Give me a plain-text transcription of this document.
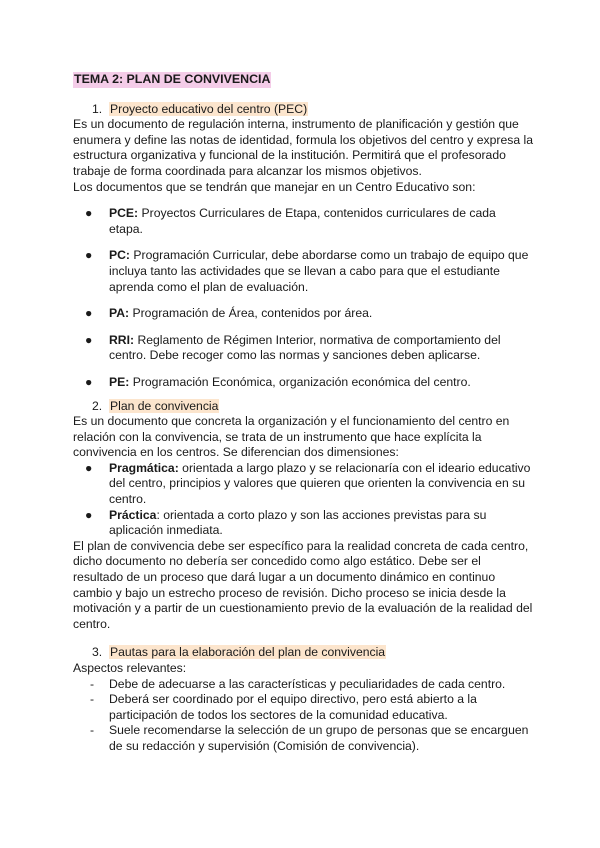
TEMA 2: PLAN DE CONVIVENCIA
1. Proyecto educativo del centro (PEC)

Es un documento de regulación interna, instrumento de planificación y gestión que enumera y define las notas de identidad, formula los objetivos del centro y expresa la estructura organizativa y funcional de la institución. Permitirá que el profesorado trabaje de forma coordinada para alcanzar los mismos objetivos.

Los documentos que se tendrán que manejar en un Centro Educativo son:

● PCE: Proyectos Curriculares de Etapa, contenidos curriculares de cada etapa.
● PC: Programación Curricular, debe abordarse como un trabajo de equipo que incluya tanto las actividades que se llevan a cabo para que el estudiante aprenda como el plan de evaluación.
● PA: Programación de Área, contenidos por área.
● RRI: Reglamento de Régimen Interior, normativa de comportamiento del centro. Debe recoger como las normas y sanciones deben aplicarse.
● PE: Programación Económica, organización económica del centro.
2. Plan de convivencia

Es un documento que concreta la organización y el funcionamiento del centro en relación con la convivencia, se trata de un instrumento que hace explícita la convivencia en los centros. Se diferencian dos dimensiones:

● Pragmática: orientada a largo plazo y se relacionaría con el ideario educativo del centro, principios y valores que quieren que orienten la convivencia en su centro.
● Práctica: orientada a corto plazo y son las acciones previstas para su aplicación inmediata.

El plan de convivencia debe ser específico para la realidad concreta de cada centro, dicho documento no debería ser concedido como algo estático. Debe ser el resultado de un proceso que dará lugar a un documento dinámico en continuo cambio y bajo un estrecho proceso de revisión. Dicho proceso se inicia desde la motivación y a partir de un cuestionamiento previo de la evaluación de la realidad del centro.

3. Pautas para la elaboración del plan de convivencia

Aspectos relevantes:

- Debe de adecuarse a las características y peculiaridades de cada centro.
- Deberá ser coordinado por el equipo directivo, pero está abierto a la participación de todos los sectores de la comunidad educativa.
- Suele recomendarse la selección de un grupo de personas que se encarguen de su redacción y supervisión (Comisión de convivencia).
